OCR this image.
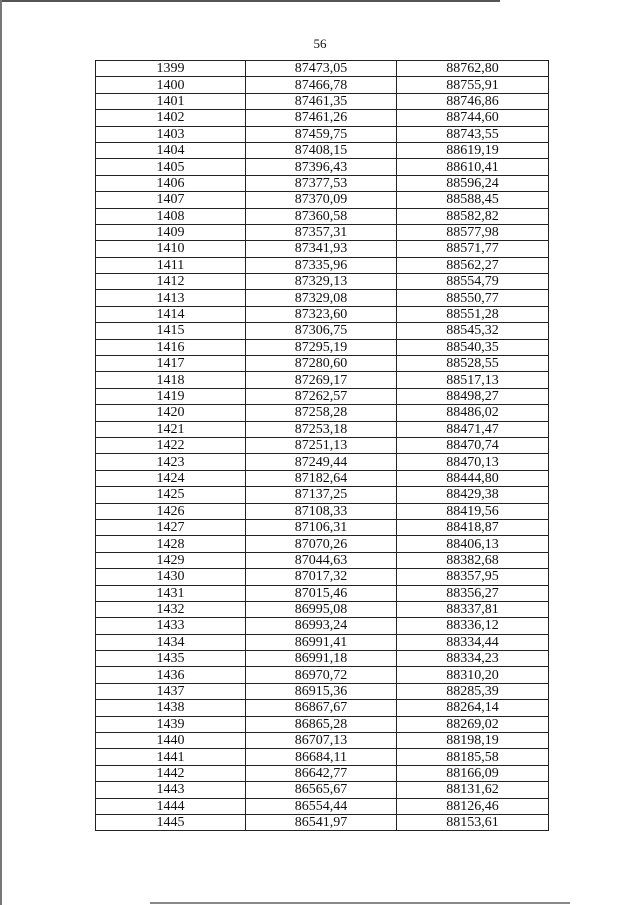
56
1399	87473,05	88762,80
1400	87466,78	88755,91
1401	87461,35	88746,86
1402	87461,26	88744,60
1403	87459,75	88743,55
1404	87408,15	88619,19
1405	87396,43	88610,41
1406	87377,53	88596,24
1407	87370,09	88588,45
1408	87360,58	88582,82
1409	87357,31	88577,98
1410	87341,93	88571,77
1411	87335,96	88562,27
1412	87329,13	88554,79
1413	87329,08	88550,77
1414	87323,60	88551,28
1415	87306,75	88545,32
1416	87295,19	88540,35
1417	87280,60	88528,55
1418	87269,17	88517,13
1419	87262,57	88498,27
1420	87258,28	88486,02
1421	87253,18	88471,47
1422	87251,13	88470,74
1423	87249,44	88470,13
1424	87182,64	88444,80
1425	87137,25	88429,38
1426	87108,33	88419,56
1427	87106,31	88418,87
1428	87070,26	88406,13
1429	87044,63	88382,68
1430	87017,32	88357,95
1431	87015,46	88356,27
1432	86995,08	88337,81
1433	86993,24	88336,12
1434	86991,41	88334,44
1435	86991,18	88334,23
1436	86970,72	88310,20
1437	86915,36	88285,39
1438	86867,67	88264,14
1439	86865,28	88269,02
1440	86707,13	88198,19
1441	86684,11	88185,58
1442	86642,77	88166,09
1443	86565,67	88131,62
1444	86554,44	88126,46
1445	86541,97	88153,61
